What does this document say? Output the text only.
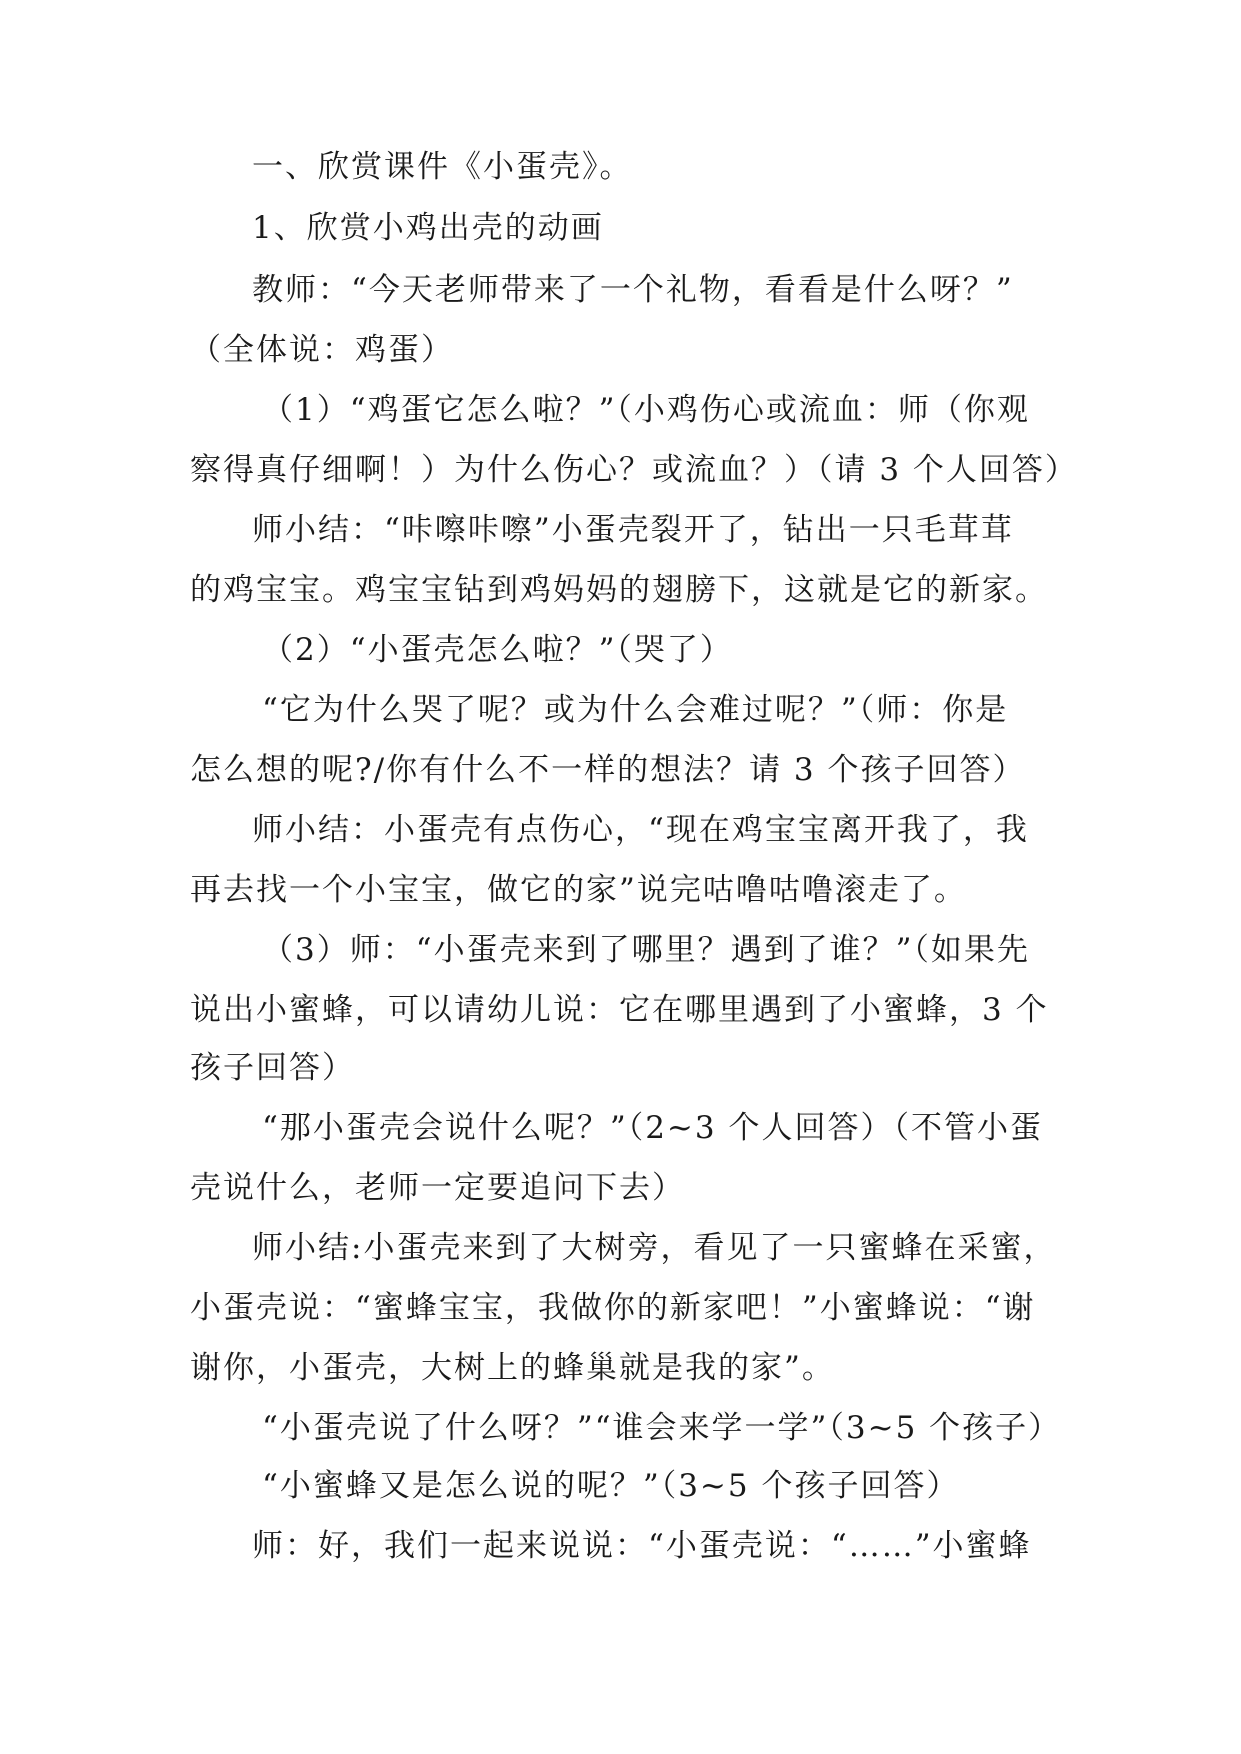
一、欣赏课件《小蛋壳》。
1、欣赏小鸡出壳的动画
教师：“今天老师带来了一个礼物，看看是什么呀？”
（全体说：鸡蛋）
（1）“鸡蛋它怎么啦？”（小鸡伤心或流血：师（你观
察得真仔细啊！）为什么伤心？或流血？）（请 3 个人回答）
师小结：“咔嚓咔嚓”小蛋壳裂开了，钻出一只毛茸茸
的鸡宝宝。鸡宝宝钻到鸡妈妈的翅膀下，这就是它的新家。
（2）“小蛋壳怎么啦？”（哭了）
“它为什么哭了呢？或为什么会难过呢？”（师：你是
怎么想的呢?/你有什么不一样的想法？请 3 个孩子回答）
师小结：小蛋壳有点伤心，“现在鸡宝宝离开我了，我
再去找一个小宝宝，做它的家”说完咕噜咕噜滚走了。
（3）师：“小蛋壳来到了哪里？遇到了谁？”（如果先
说出小蜜蜂，可以请幼儿说：它在哪里遇到了小蜜蜂，3 个
孩子回答）
“那小蛋壳会说什么呢？”（2~3 个人回答）（不管小蛋
壳说什么，老师一定要追问下去）
师小结:小蛋壳来到了大树旁，看见了一只蜜蜂在采蜜，
小蛋壳说：“蜜蜂宝宝，我做你的新家吧！”小蜜蜂说：“谢
谢你，小蛋壳，大树上的蜂巢就是我的家”。
“小蛋壳说了什么呀？”“谁会来学一学”（3~5 个孩子）
“小蜜蜂又是怎么说的呢？”（3~5 个孩子回答）
师：好，我们一起来说说：“小蛋壳说：“……”小蜜蜂
